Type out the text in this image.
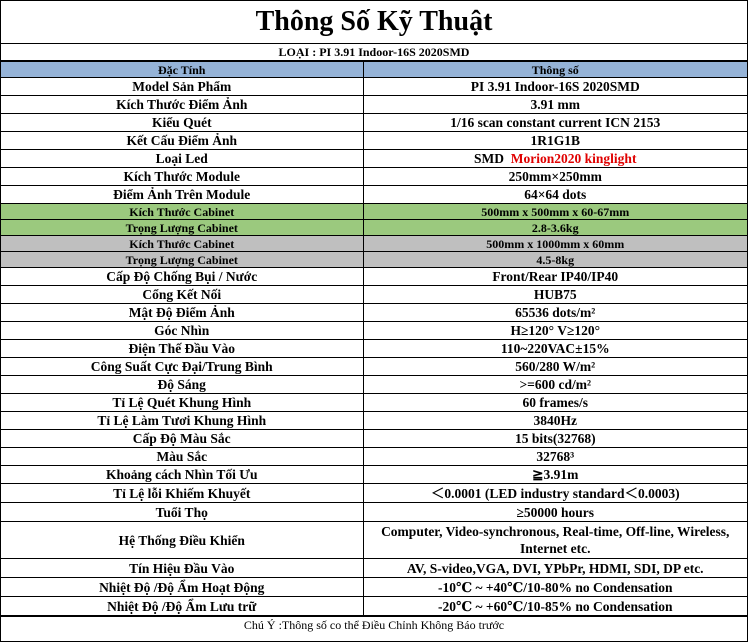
Thông Số Kỹ Thuật
LOẠI : PI 3.91 Indoor-16S 2020SMD
Đặc Tính	Thông số
Model Sản Phẩm	PI 3.91 Indoor-16S 2020SMD
Kích Thước Điểm Ảnh	3.91 mm
Kiểu Quét	1/16 scan constant current ICN 2153
Kết Cấu Điểm Ảnh	1R1G1B
Loại Led	SMD Morion2020 kinglight
Kích Thước Module	250mm×250mm
Điểm Ảnh Trên Module	64×64 dots
Kích Thước Cabinet	500mm x 500mm x 60-67mm
Trọng Lượng Cabinet	2.8-3.6kg
Kích Thước Cabinet	500mm x 1000mm x 60mm
Trọng Lượng Cabinet	4.5-8kg
Cấp Độ Chống Bụi / Nước	Front/Rear IP40/IP40
Cổng Kết Nối	HUB75
Mật Độ Điểm Ảnh	65536 dots/m²
Góc Nhìn	H≥120° V≥120°
Điện Thế Đầu Vào	110~220VAC±15%
Công Suất Cực Đại/Trung Bình	560/280 W/m²
Độ Sáng	>=600 cd/m²
Tỉ Lệ Quét Khung Hình	60 frames/s
Tỉ Lệ Làm Tươi Khung Hình	3840Hz
Cấp Độ Màu Sắc	15 bits(32768)
Màu Sắc	32768³
Khoảng cách Nhìn Tối Ưu	≧3.91m
Tỉ Lệ lỗi Khiếm Khuyết	＜0.0001 (LED industry standard＜0.0003)
Tuổi Thọ	≥50000 hours
Hệ Thống Điều Khiển	Computer, Video-synchronous, Real-time, Off-line, Wireless, Internet etc.
Tín Hiệu Đầu Vào	AV, S-video,VGA, DVI, YPbPr, HDMI, SDI, DP etc.
Nhiệt Độ /Độ Ẩm Hoạt Động	-10℃ ~ +40℃/10-80% no Condensation
Nhiệt Độ /Độ Ẩm Lưu trữ	-20℃ ~ +60℃/10-85% no Condensation
Chú Ý :Thông số co thể Điều Chỉnh Không Báo trước
